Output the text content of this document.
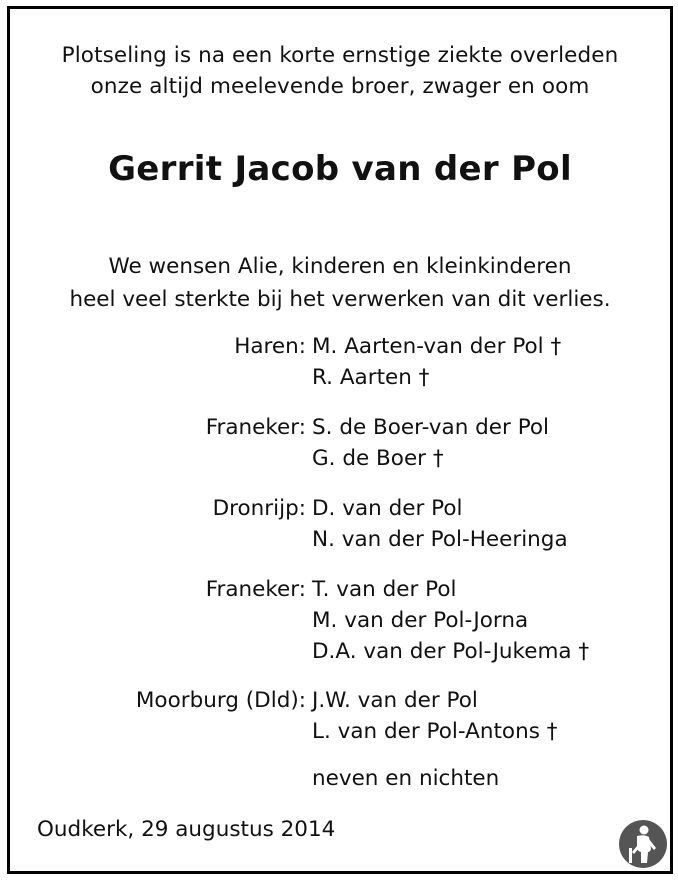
Plotseling is na een korte ernstige ziekte overleden
onze altijd meelevende broer, zwager en oom
Gerrit Jacob van der Pol
We wensen Alie, kinderen en kleinkinderen
heel veel sterkte bij het verwerken van dit verlies.
Haren: M. Aarten-van der Pol †
R. Aarten †
Franeker: S. de Boer-van der Pol
G. de Boer †
Dronrijp: D. van der Pol
N. van der Pol-Heeringa
Franeker: T. van der Pol
M. van der Pol-Jorna
D.A. van der Pol-Jukema †
Moorburg (Dld): J.W. van der Pol
L. van der Pol-Antons †
neven en nichten
Oudkerk, 29 augustus 2014
